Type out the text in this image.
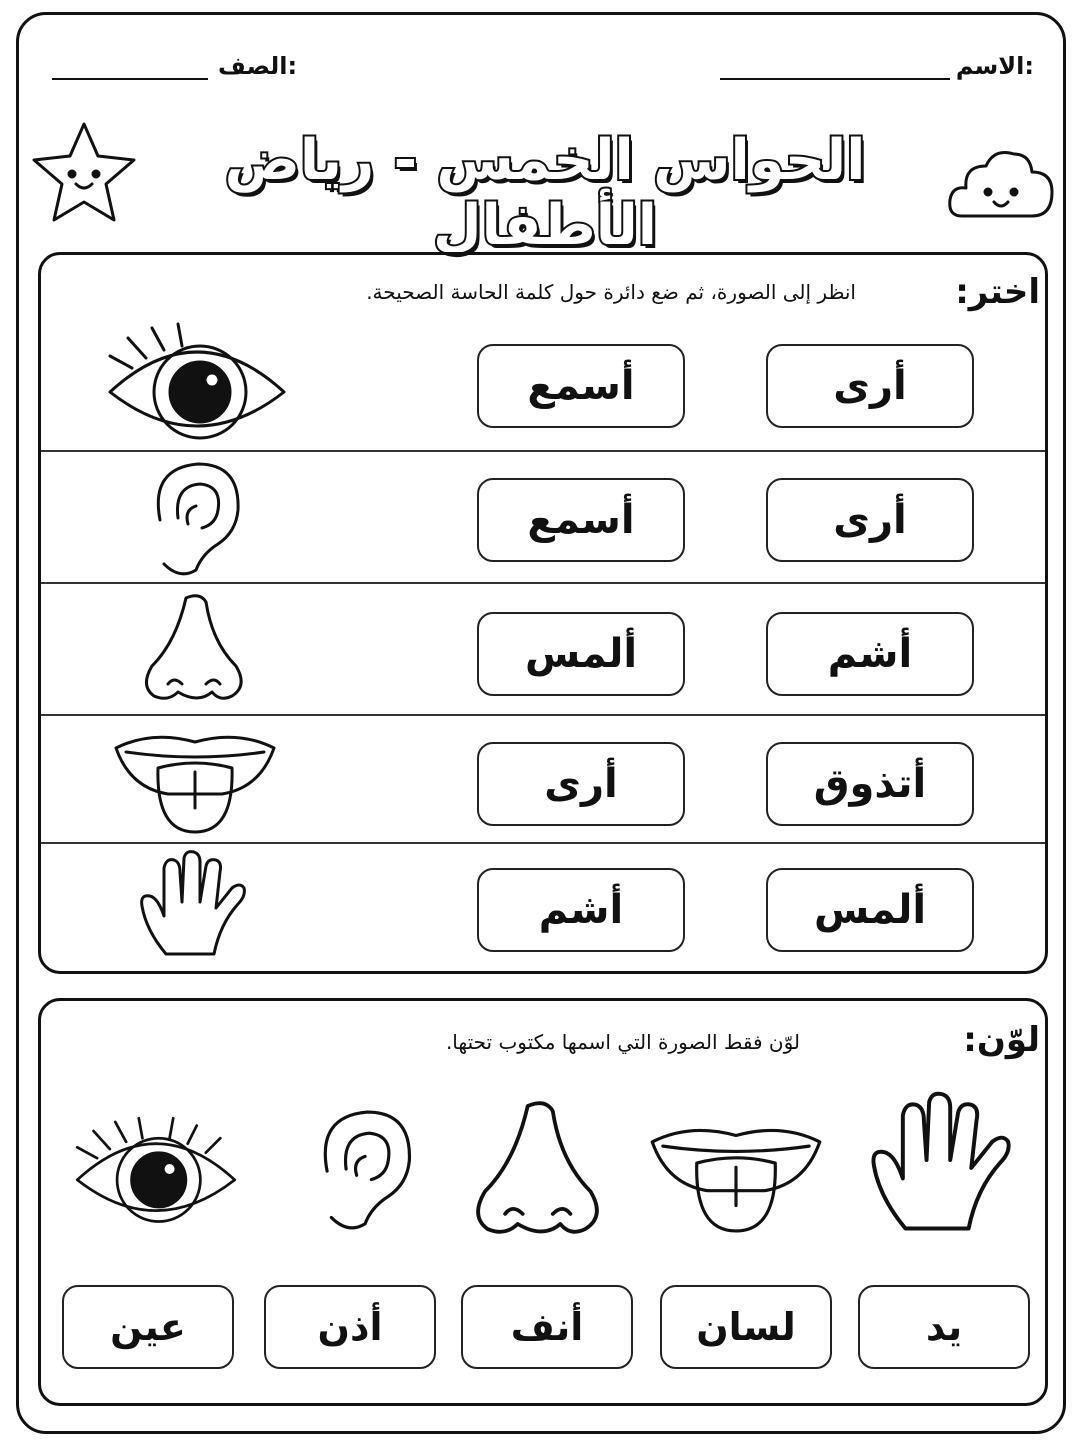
الاسم:
الصف:
الحواس الخمس - رياض الأطفال
اختر:
انظر إلى الصورة، ثم ضع دائرة حول كلمة الحاسة الصحيحة.
أرى
أسمع
أرى
أسمع
أشم
ألمس
أتذوق
أرى
ألمس
أشم
لوّن:
لوّن فقط الصورة التي اسمها مكتوب تحتها.
يد
لسان
أنف
أذن
عين
